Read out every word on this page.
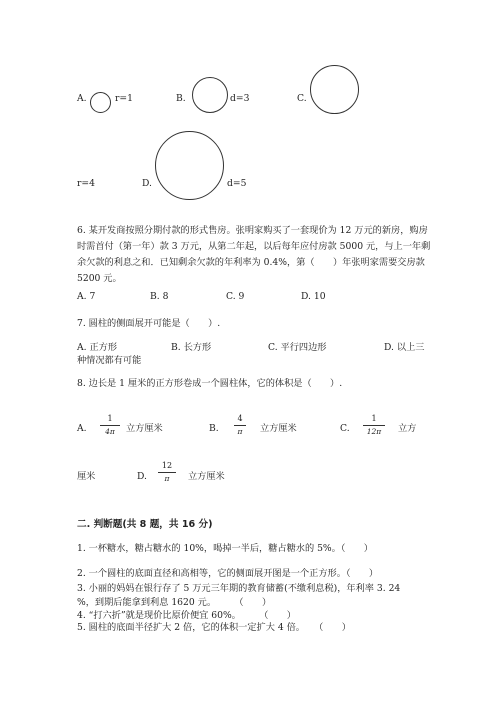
A.	r=1	B.	d=3	C.
r=4	D.	d=5
6. 某开发商按照分期付款的形式售房。张明家购买了一套现价为 12 万元的新房，购房时需首付（第一年）款 3 万元，从第二年起，以后每年应付房款 5000 元，与上一年剩余欠款的利息之和．已知剩余欠款的年利率为 0.4%，第（　　）年张明家需要交房款 5200 元。
A. 7	B. 8	C. 9	D. 10
7. 圆柱的侧面展开可能是（　　）.
A. 正方形	B. 长方形	C. 平行四边形	D. 以上三
种情况都有可能
8. 边长是 1 厘米的正方形卷成一个圆柱体，它的体积是（　　）.
A.
1
4π	立方厘米	B.
4
π	立方厘米	C.
1
12π	立方
厘米	D.
12
π	立方厘米
二. 判断题(共 8 题，共 16 分)
1. 一杯糖水，糖占糖水的 10%，喝掉一半后，糖占糖水的 5%。（　　）
2. 一个圆柱的底面直径和高相等，它的侧面展开图是一个正方形。（　　）
3. 小丽的妈妈在银行存了 5 万元三年期的教育储蓄(不缴利息税)，年利率 3. 24
%，到期后能拿到利息 1620 元。　　　（　　）
4. “打六折”就是现价比原价便宜 60%。　　　（　　）
5. 圆柱的底面半径扩大 2 倍，它的体积一定扩大 4 倍。　　（　　）
